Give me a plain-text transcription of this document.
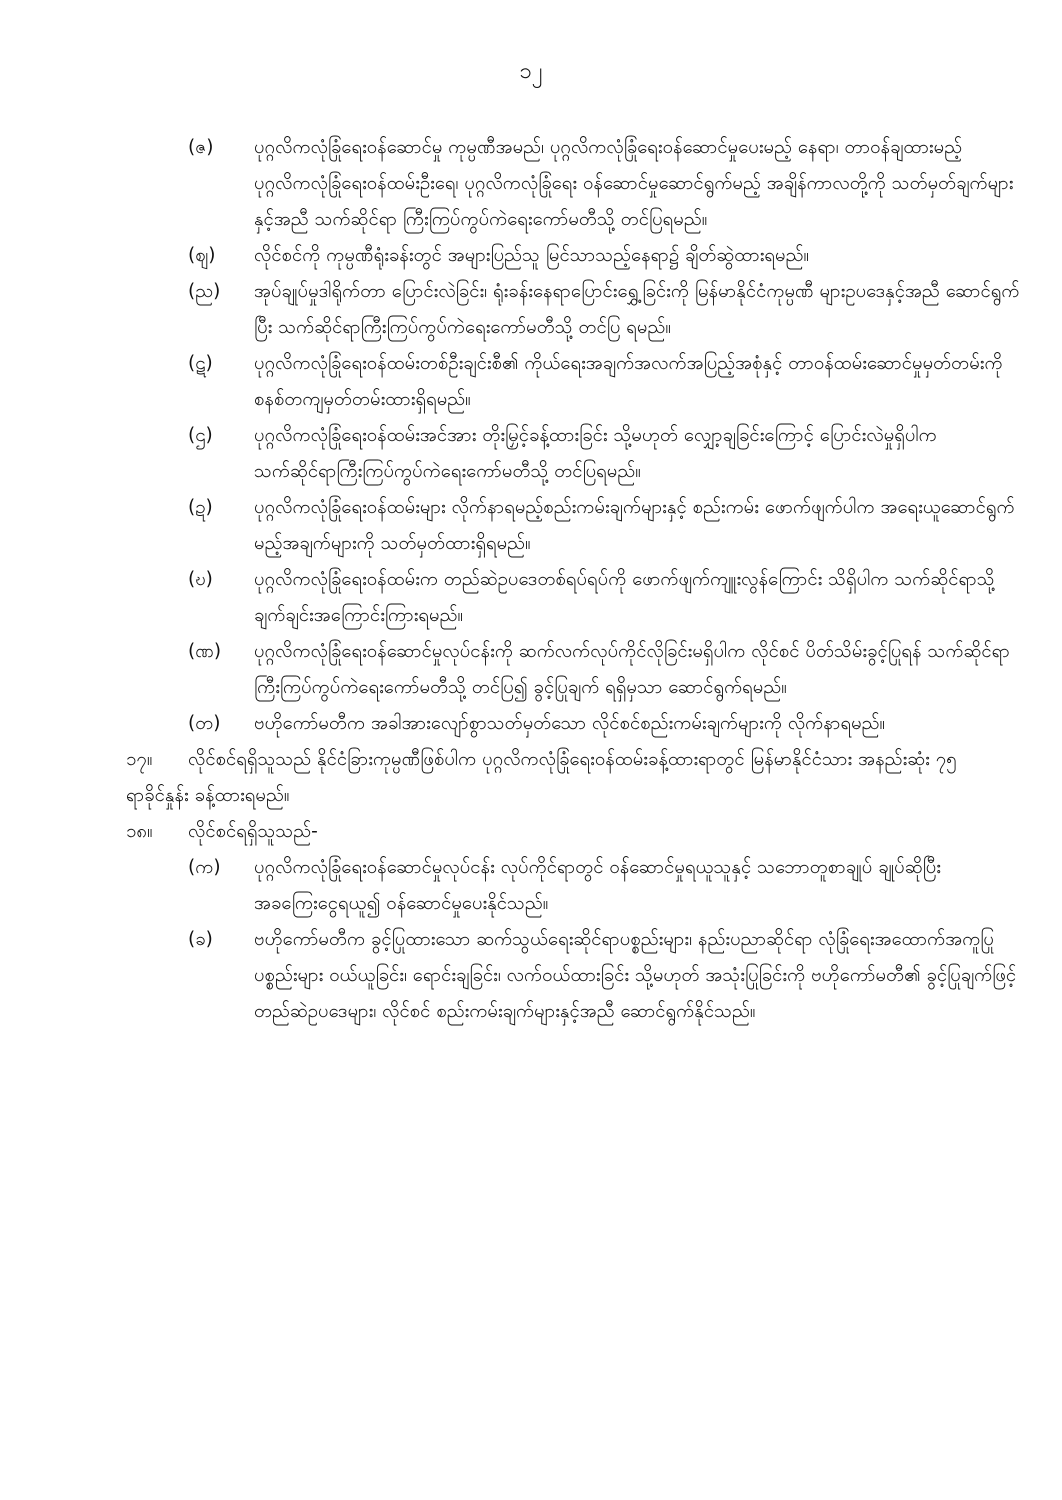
၁၂
(ဇ)	ပုဂ္ဂလိကလုံခြုံရေးဝန်ဆောင်မှု ကုမ္ပဏီအမည်၊ ပုဂ္ဂလိကလုံခြုံရေးဝန်ဆောင်မှုပေးမည့် နေရာ၊ တာဝန်ချထားမည့် ပုဂ္ဂလိကလုံခြုံရေးဝန်ထမ်းဦးရေ၊ ပုဂ္ဂလိကလုံခြုံရေး ဝန်ဆောင်မှုဆောင်ရွက်မည့် အချိန်ကာလတို့ကို သတ်မှတ်ချက်များနှင့်အညီ သက်ဆိုင်ရာ ကြီးကြပ်ကွပ်ကဲရေးကော်မတီသို့ တင်ပြရမည်။
(ဈ)	လိုင်စင်ကို ကုမ္ပဏီရုံးခန်းတွင် အများပြည်သူ မြင်သာသည့်နေရာ၌ ချိတ်ဆွဲထားရမည်။
(ည)	အုပ်ချုပ်မှုဒါရိုက်တာ ပြောင်းလဲခြင်း၊ ရုံးခန်းနေရာပြောင်းရွှေ့ခြင်းကို မြန်မာနိုင်ငံကုမ္ပဏီ များဥပဒေနှင့်အညီ ဆောင်ရွက်ပြီး သက်ဆိုင်ရာကြီးကြပ်ကွပ်ကဲရေးကော်မတီသို့ တင်ပြ ရမည်။
(ဋ)	ပုဂ္ဂလိကလုံခြုံရေးဝန်ထမ်းတစ်ဦးချင်းစီ၏ ကိုယ်ရေးအချက်အလက်အပြည့်အစုံနှင့် တာဝန်ထမ်းဆောင်မှုမှတ်တမ်းကို စနစ်တကျမှတ်တမ်းထားရှိရမည်။
(ဌ)	ပုဂ္ဂလိကလုံခြုံရေးဝန်ထမ်းအင်အား တိုးမြှင့်ခန့်ထားခြင်း သို့မဟုတ် လျှော့ချခြင်းကြောင့် ပြောင်းလဲမှုရှိပါက သက်ဆိုင်ရာကြီးကြပ်ကွပ်ကဲရေးကော်မတီသို့ တင်ပြရမည်။
(ဍ)	ပုဂ္ဂလိကလုံခြုံရေးဝန်ထမ်းများ လိုက်နာရမည့်စည်းကမ်းချက်များနှင့် စည်းကမ်း ဖောက်ဖျက်ပါက အရေးယူဆောင်ရွက်မည့်အချက်များကို သတ်မှတ်ထားရှိရမည်။
(ဎ)	ပုဂ္ဂလိကလုံခြုံရေးဝန်ထမ်းက တည်ဆဲဥပဒေတစ်ရပ်ရပ်ကို ဖောက်ဖျက်ကျူးလွန်ကြောင်း သိရှိပါက သက်ဆိုင်ရာသို့ ချက်ချင်းအကြောင်းကြားရမည်။
(ဏ)	ပုဂ္ဂလိကလုံခြုံရေးဝန်ဆောင်မှုလုပ်ငန်းကို ဆက်လက်လုပ်ကိုင်လိုခြင်းမရှိပါက လိုင်စင် ပိတ်သိမ်းခွင့်ပြုရန် သက်ဆိုင်ရာကြီးကြပ်ကွပ်ကဲရေးကော်မတီသို့ တင်ပြ၍ ခွင့်ပြုချက် ရရှိမှသာ ဆောင်ရွက်ရမည်။
(တ)	ဗဟိုကော်မတီက အခါအားလျော်စွာသတ်မှတ်သော လိုင်စင်စည်းကမ်းချက်များကို လိုက်နာရမည်။
၁၇။ လိုင်စင်ရရှိသူသည် နိုင်ငံခြားကုမ္ပဏီဖြစ်ပါက ပုဂ္ဂလိကလုံခြုံရေးဝန်ထမ်းခန့်ထားရာတွင် မြန်မာနိုင်ငံသား အနည်းဆုံး ၇၅ ရာခိုင်နှုန်း ခန့်ထားရမည်။
၁၈။ လိုင်စင်ရရှိသူသည်-
(က)	ပုဂ္ဂလိကလုံခြုံရေးဝန်ဆောင်မှုလုပ်ငန်း လုပ်ကိုင်ရာတွင် ဝန်ဆောင်မှုရယူသူနှင့် သဘောတူစာချုပ် ချုပ်ဆိုပြီး အခကြေးငွေရယူ၍ ဝန်ဆောင်မှုပေးနိုင်သည်။
(ခ)	ဗဟိုကော်မတီက ခွင့်ပြုထားသော ဆက်သွယ်ရေးဆိုင်ရာပစ္စည်းများ၊ နည်းပညာဆိုင်ရာ လုံခြုံရေးအထောက်အကူပြုပစ္စည်းများ ဝယ်ယူခြင်း၊ ရောင်းချခြင်း၊ လက်ဝယ်ထားခြင်း သို့မဟုတ် အသုံးပြုခြင်းကို ဗဟိုကော်မတီ၏ ခွင့်ပြုချက်ဖြင့် တည်ဆဲဥပဒေများ၊ လိုင်စင် စည်းကမ်းချက်များနှင့်အညီ ဆောင်ရွက်နိုင်သည်။
